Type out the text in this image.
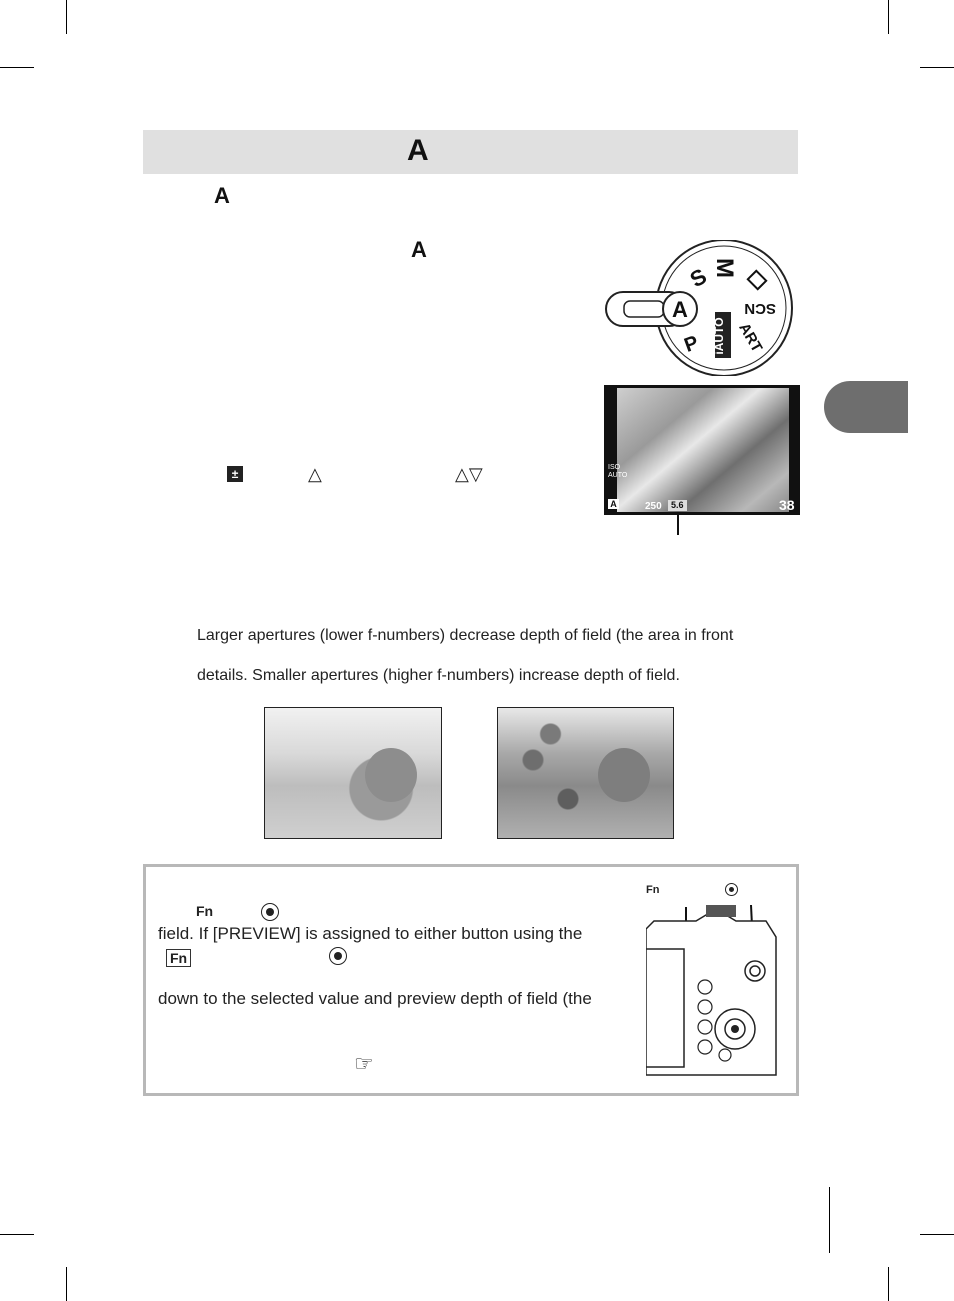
A
A
A
±	△	△▽
A
S M
P iAUTO ART
SCN
ISO AUTO
A	250	5.6	38
Larger apertures (lower f-numbers) decrease depth of field (the area in front
details. Smaller apertures (higher f-numbers) increase depth of field.
Fn
field. If [PREVIEW] is assigned to either button using the
Fn
down to the selected value and preview depth of field (the
☞
Fn
